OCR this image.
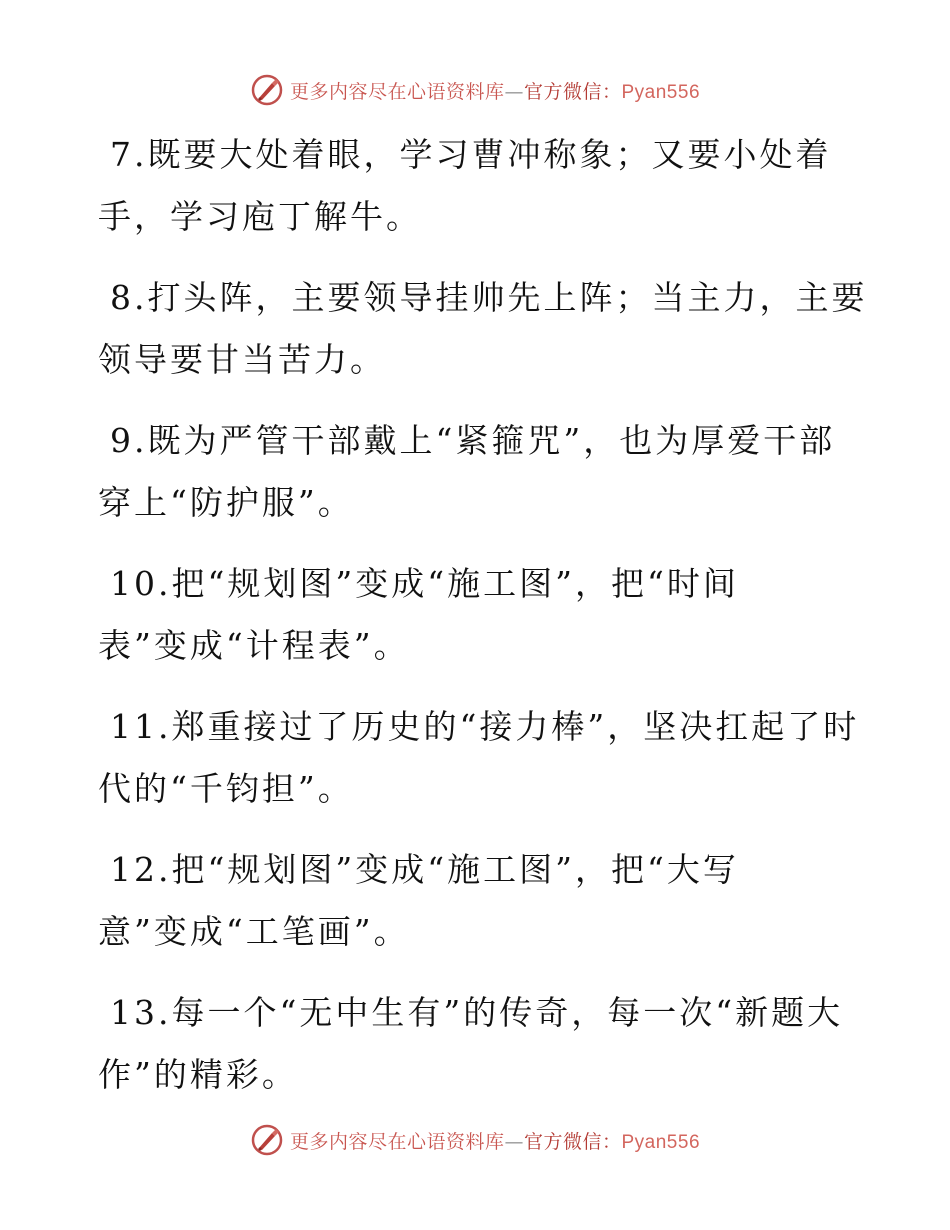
更多内容尽在心语资料库—官方微信：Pyan556
7.既要大处着眼，学习曹冲称象；又要小处着
手，学习庖丁解牛。
8.打头阵，主要领导挂帅先上阵；当主力，主要
领导要甘当苦力。
9.既为严管干部戴上“紧箍咒”，也为厚爱干部
穿上“防护服”。
10.把“规划图”变成“施工图”，把“时间
表”变成“计程表”。
11.郑重接过了历史的“接力棒”，坚决扛起了时
代的“千钧担”。
12.把“规划图”变成“施工图”，把“大写
意”变成“工笔画”。
13.每一个“无中生有”的传奇，每一次“新题大
作”的精彩。
更多内容尽在心语资料库—官方微信：Pyan556
